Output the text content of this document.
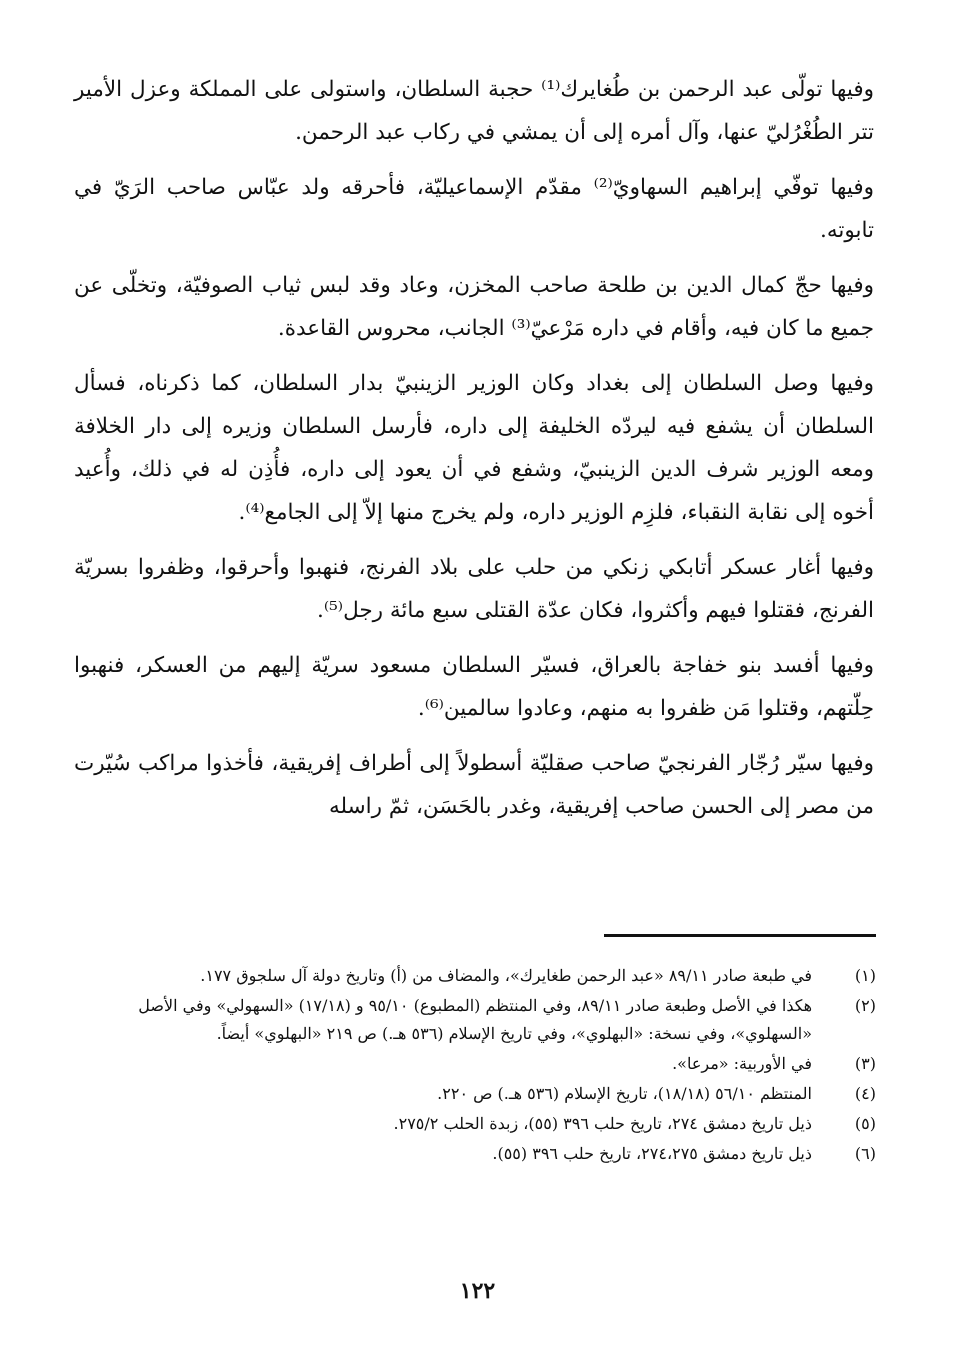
وفيها تولّى عبد الرحمن بن طُغايرك⁽¹⁾ حجبة السلطان، واستولى على المملكة وعزل الأمير تتر الطُغْرُليّ عنها، وآل أمره إلى أن يمشي في ركاب عبد الرحمن.

وفيها توفّي إبراهيم السهاويّ⁽²⁾ مقدّم الإسماعيليّة، فأحرقه ولد عبّاس صاحب الرَيّ في تابوته.

وفيها حجّ كمال الدين بن طلحة صاحب المخزن، وعاد وقد لبس ثياب الصوفيّة، وتخلّى عن جميع ما كان فيه، وأقام في داره مَرْعيّ⁽³⁾ الجانب، محروس القاعدة.

وفيها وصل السلطان إلى بغداد وكان الوزير الزينبيّ بدار السلطان، كما ذكرناه، فسأل السلطان أن يشفع فيه ليردّه الخليفة إلى داره، فأرسل السلطان وزيره إلى دار الخلافة ومعه الوزير شرف الدين الزينبيّ، وشفع في أن يعود إلى داره، فأُذِن له في ذلك، وأُعيد أخوه إلى نقابة النقباء، فلزِم الوزير داره، ولم يخرج منها إلاّ إلى الجامع⁽⁴⁾.

وفيها أغار عسكر أتابكي زنكي من حلب على بلاد الفرنج، فنهبوا وأحرقوا، وظفروا بسريّة الفرنج، فقتلوا فيهم وأكثروا، فكان عدّة القتلى سبع مائة رجل⁽⁵⁾.

وفيها أفسد بنو خفاجة بالعراق، فسيّر السلطان مسعود سريّة إليهم من العسكر، فنهبوا حِلّتهم، وقتلوا مَن ظفروا به منهم، وعادوا سالمين⁽⁶⁾.

وفيها سيّر رُجّار الفرنجيّ صاحب صقليّة أسطولاً إلى أطراف إفريقية، فأخذوا مراكب سُيّرت من مصر إلى الحسن صاحب إفريقية، وغدر بالحَسَن، ثمّ راسله

(١)
في طبعة صادر ٨٩/١١ «عبد الرحمن طغايرك»، والمضاف من (أ) وتاريخ دولة آل سلجوق ١٧٧.
(٢)
هكذا في الأصل وطبعة صادر ٨٩/١١، وفي المنتظم (المطبوع) ٩٥/١٠ و (١٧/١٨) «السهولي» وفي الأصل «السهلوي»، وفي نسخة: «البهلوي»، وفي تاريخ الإسلام (٥٣٦ هـ.) ص ٢١٩ «البهلوي» أيضاً.
(٣)
في الأوربية: «مرعا».
(٤)
المنتظم ٥٦/١٠ (١٨/١٨)، تاريخ الإسلام (٥٣٦ هـ.) ص ٢٢٠.
(٥)
ذيل تاريخ دمشق ٢٧٤، تاريخ حلب ٣٩٦ (٥٥)، زبدة الحلب ٢٧٥/٢.
(٦)
ذيل تاريخ دمشق ٢٧٤،٢٧٥، تاريخ حلب ٣٩٦ (٥٥).
١٢٢
